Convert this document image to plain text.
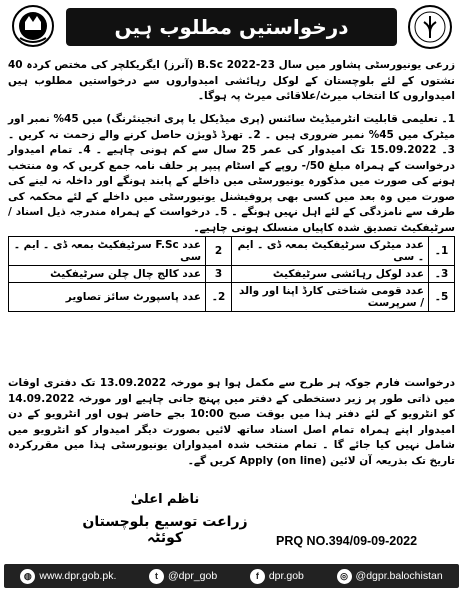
درخواستیں مطلوب ہیں
زرعی یونیورسٹی پشاور میں سال 23-2022 B.Sc (آنرز) ایگریکلچر کی مختص کردہ 40 نشتوں کے لئے بلوچستان کے لوکل رہائشی امیدواروں سے درخواستیں مطلوب ہیں امیدواروں کا انتخاب میرٹ/علاقائی میرٹ پہ ہوگا۔
1۔ تعلیمی قابلیت انٹرمیڈیٹ سائنس (پری میڈیکل یا پری انجینئرنگ) میں 45% نمبر اور میٹرک میں 45% نمبر ضروری ہیں ۔ 2۔ تھرڈ ڈویژن حاصل کرنے والے زحمت نہ کریں ۔ 3۔ 15.09.2022 تک امیدوار کی عمر 25 سال سے کم ہونی چاہیے ۔ 4۔ تمام امیدوار درخواست کے ہمراہ مبلغ 50/- روپے کے اسٹام پیپر پر حلف نامہ جمع کریں کہ وہ منتخب ہونے کی صورت میں مذکورہ یونیورسٹی میں داخلے کے پابند ہونگے اور داخلہ نہ لینے کی صورت میں وہ بعد میں کسی بھی پروفیشنل یونیورسٹی میں داخلے کے لئے محکمہ کی طرف سے نامزدگی کے لئے اہل نہیں ہونگے ۔ 5۔ درخواست کے ہمراہ مندرجہ ذیل اسناد / سرٹیفکیٹ تصدیق شدہ کاپیاں منسلک ہونی چاہیے۔
1۔	عدد میٹرک سرٹیفکیٹ بمعہ ڈی ۔ ایم ۔ سی	2	عدد F.Sc سرٹیفکیٹ بمعہ ڈی ۔ ایم ۔ سی
3۔	عدد لوکل رہائشی سرٹیفکیٹ	3	عدد کالج چال چلن سرٹیفکیٹ
5۔	عدد قومی شناختی کارڈ اپنا اور والد / سرپرست	2۔	عدد پاسپورٹ سائز تصاویر
درخواست فارم جوکہ ہر طرح سے مکمل ہوا ہو مورخہ 13.09.2022 تک دفتری اوقات میں ذاتی طور پر زیر دستخطی کے دفتر میں پہنچ جانی چاہیے اور مورخہ 14.09.2022 کو انٹرویو کے لئے دفتر ہذا میں بوقت صبح 10:00 بجے حاضر ہوں اور انٹرویو کے دن امیدوار اپنے ہمراہ تمام اصل اسناد ساتھ لائیں بصورت دیگر امیدوار کو انٹرویو میں شامل نہیں کیا جائے گا ۔ تمام منتخب شدہ امیدواران یونیورسٹی ہذا میں مقررکردہ تاریخ تک بذریعہ آن لائین Apply (on line) کریں گے۔
ناظم اعلیٰ
زراعت توسیع بلوچستان کوئٹہ	PRQ NO.394/09-09-2022
◍ www.dpr.gob.pk.	t @dpr_gob	f dpr.gob	◎ @dgpr.balochistan
